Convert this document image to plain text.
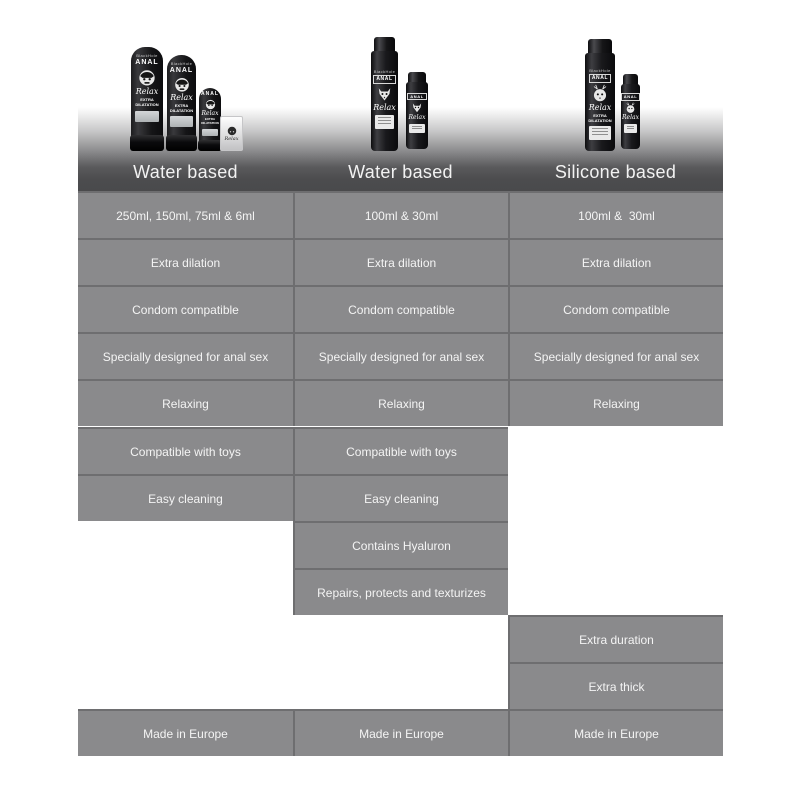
BlackHole
ANAL
Relax
EXTRA
DILATATION
BlackHole
ANAL
Relax
EXTRA
DILATATION
ANAL
Relax
EXTRA
DILATATION
Relax
BlackHole
ANAL
Relax
ANAL
Relax
BlackHole
ANAL
Relax
EXTRA
DILATATION
ANAL
Relax
Water based	Water based	Silicone based
250ml, 150ml, 75ml & 6ml
Extra dilation
Condom compatible
Specially designed for anal sex
Relaxing
Compatible with toys
Easy cleaning
Made in Europe
100ml & 30ml
Extra dilation
Condom compatible
Specially designed for anal sex
Relaxing
Compatible with toys
Easy cleaning
Contains Hyaluron
Repairs, protects and texturizes
Made in Europe
100ml &  30ml
Extra dilation
Condom compatible
Specially designed for anal sex
Relaxing
Extra duration
Extra thick
Made in Europe
